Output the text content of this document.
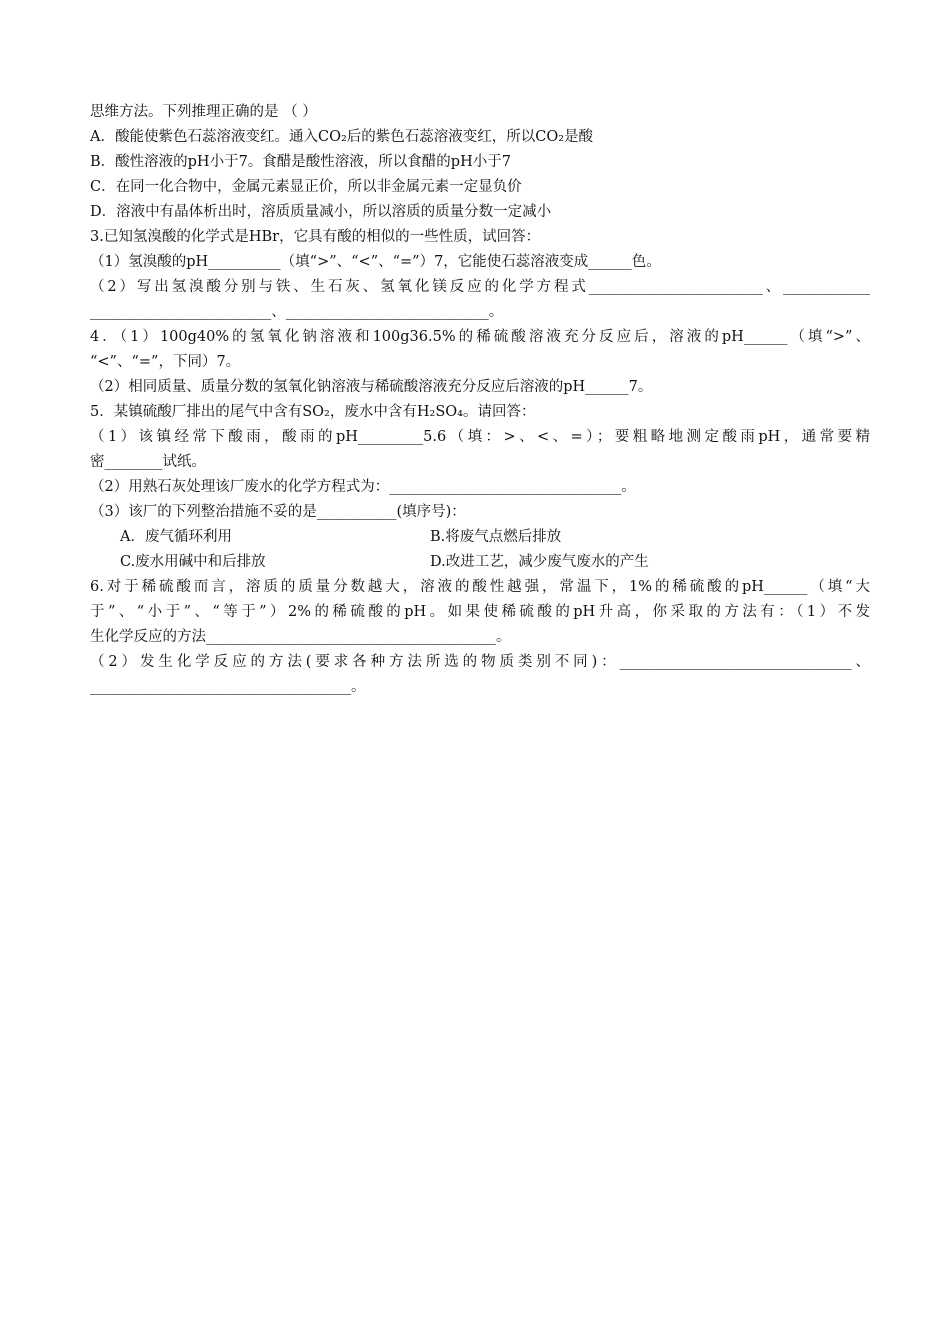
思维方法。下列推理正确的是 （ ）
A．酸能使紫色石蕊溶液变红。通入CO₂后的紫色石蕊溶液变红，所以CO₂是酸
B．酸性溶液的pH小于7。食醋是酸性溶液，所以食醋的pH小于7
C．在同一化合物中，金属元素显正价，所以非金属元素一定显负价
D．溶液中有晶体析出时，溶质质量减小，所以溶质的质量分数一定减小
3.已知氢溴酸的化学式是HBr，它具有酸的相似的一些性质，试回答：
（1）氢溴酸的pH__________（填“>”、“<”、“=”）7，它能使石蕊溶液变成______色。
（2）写出氢溴酸分别与铁、生石灰、氢氧化镁反应的化学方程式________________________、____________
_________________________、____________________________。
4．（1）100g40%的氢氧化钠溶液和100g36.5%的稀硫酸溶液充分反应后，溶液的pH______（填“>”、
“<”、“=”，下同）7。
（2）相同质量、质量分数的氢氧化钠溶液与稀硫酸溶液充分反应后溶液的pH______7。
5．某镇硫酸厂排出的尾气中含有SO₂，废水中含有H₂SO₄。请回答：
（1）该镇经常下酸雨，酸雨的pH_________5.6（填：>、<、=）；要粗略地测定酸雨pH，通常要精
密________试纸。
（2）用熟石灰处理该厂废水的化学方程式为：________________________________。
（3）该厂的下列整治措施不妥的是___________(填序号)：
A．废气循环利用	B.将废气点燃后排放
C.废水用碱中和后排放	D.改进工艺，减少废气废水的产生
6.对于稀硫酸而言，溶质的质量分数越大，溶液的酸性越强，常温下，1%的稀硫酸的pH______（填“大
于”、“小于”、“等于”）2%的稀硫酸的pH。如果使稀硫酸的pH升高，你采取的方法有：（1）不发
生化学反应的方法________________________________________。
（2）发生化学反应的方法(要求各种方法所选的物质类别不同)：________________________________、
____________________________________。
